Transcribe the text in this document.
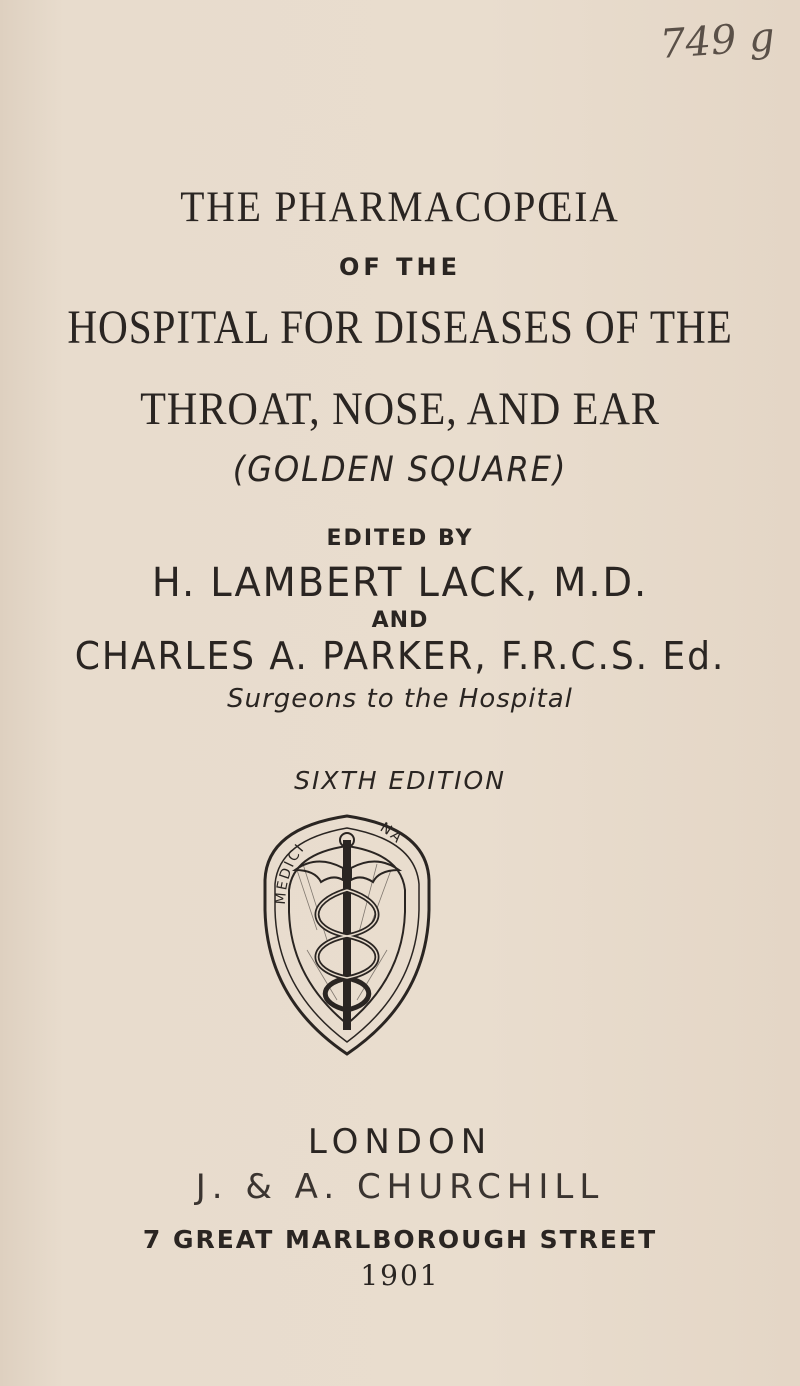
749 g
THE PHARMACOPŒIA
OF THE
HOSPITAL FOR DISEASES OF THE
THROAT, NOSE, AND EAR
(GOLDEN SQUARE)
EDITED BY
H. LAMBERT LACK, M.D.
AND
CHARLES A. PARKER, F.R.C.S. Ed.
Surgeons to the Hospital
SIXTH EDITION
MEDICI
NA
LONDON
J. & A. CHURCHILL
7 GREAT MARLBOROUGH STREET
1901
